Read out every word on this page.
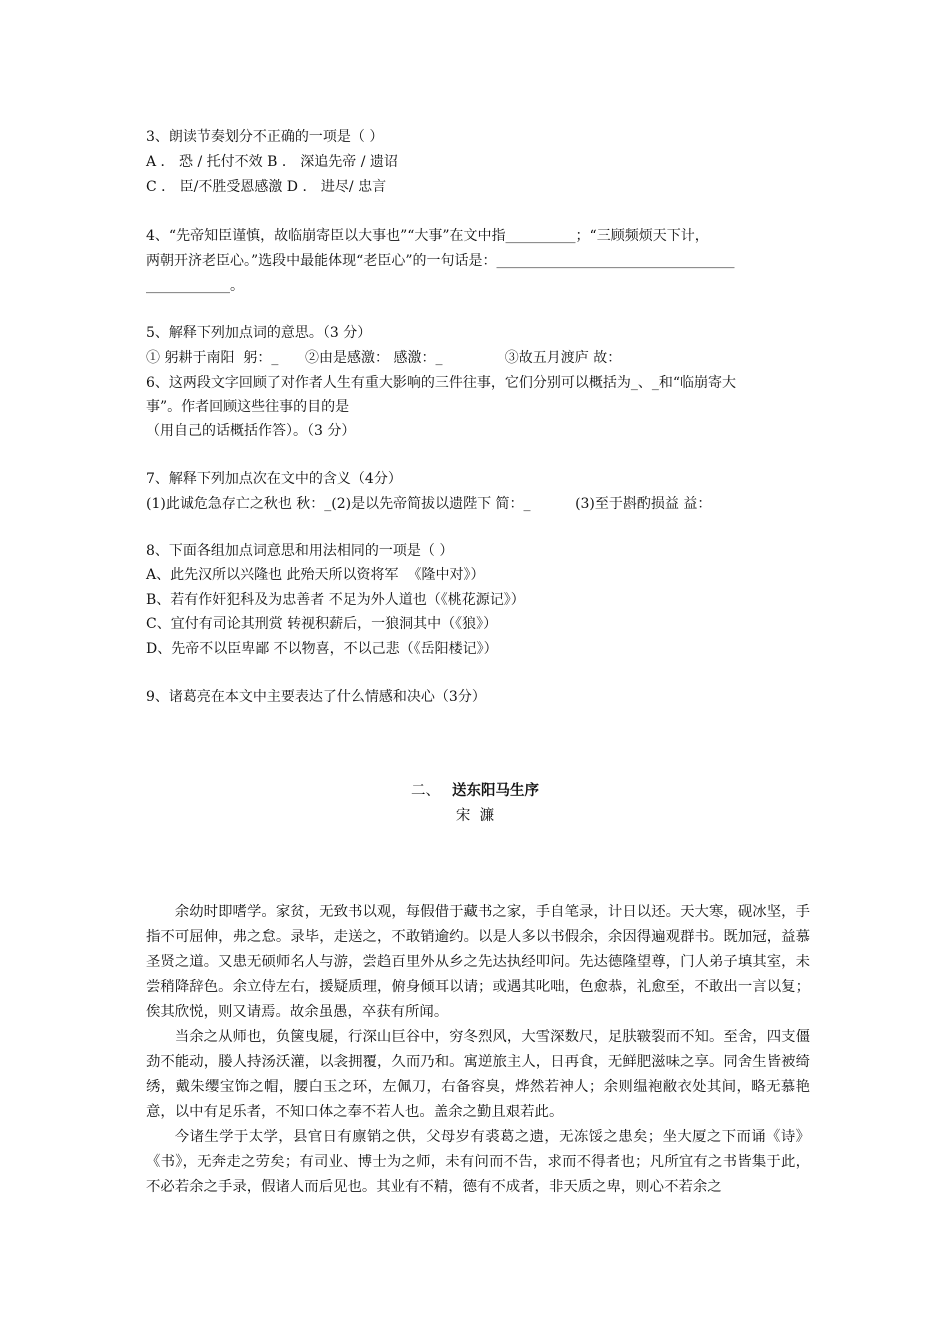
3、朗读节奏划分不正确的一项是（ ）
A ． 恐 / 托付不效 B ． 深追先帝 / 遗诏
C ． 臣/不胜受恩感激 D ． 进尽/ 忠言
4、“先帝知臣谨慎，故临崩寄臣以大事也”“大事”在文中指__________；“三顾频烦天下计，
两朝开济老臣心。”选段中最能体现“老臣心”的一句话是：__________________________________
____________。
5、解释下列加点词的意思。（3 分）
① 躬耕于南阳  躬：_      ②由是感激： 感激：_              ③故五月渡庐 故：
6、这两段文字回顾了对作者人生有重大影响的三件往事，它们分别可以概括为_、_和“临崩寄大
事”。作者回顾这些往事的目的是
（用自己的话概括作答）。（3 分）
7、解释下列加点次在文中的含义（4分）
(1)此诚危急存亡之秋也 秋：_(2)是以先帝简拔以遗陛下 简：_          (3)至于斟酌损益 益：
8、下面各组加点词意思和用法相同的一项是（ ）
A、此先汉所以兴隆也 此殆天所以资将军  《隆中对》）
B、若有作奸犯科及为忠善者 不足为外人道也（《桃花源记》）
C、宜付有司论其刑赏 转视积薪后，一狼洞其中（《狼》）
D、先帝不以臣卑鄙 不以物喜，不以己悲（《岳阳楼记》）
9、诸葛亮在本文中主要表达了什么情感和决心（3分）
二、 送东阳马生序
宋  濂

余幼时即嗜学。家贫，无致书以观，每假借于藏书之家，手自笔录，计日以还。天大寒，砚冰坚，手指不可屈伸，弗之怠。录毕，走送之，不敢销逾约。以是人多以书假余，余因得遍观群书。既加冠，益慕圣贤之道。又患无硕师名人与游，尝趋百里外从乡之先达执经叩问。先达德隆望尊，门人弟子填其室，未尝稍降辞色。余立侍左右，援疑质理，俯身倾耳以请；或遇其叱咄，色愈恭，礼愈至，不敢出一言以复；俟其欣悦，则又请焉。故余虽愚，卒获有所闻。

当余之从师也，负箧曳屣，行深山巨谷中，穷冬烈风，大雪深数尺，足肤皲裂而不知。至舍，四支僵劲不能动，媵人持汤沃灌，以衾拥覆，久而乃和。寓逆旅主人，日再食，无鲜肥滋味之享。同舍生皆被绮绣，戴朱缨宝饰之帽，腰白玉之环，左佩刀，右备容臭，烨然若神人；余则缊袍敝衣处其间，略无慕艳意，以中有足乐者，不知口体之奉不若人也。盖余之勤且艰若此。

今诸生学于太学，县官日有廪销之供，父母岁有裘葛之遗，无冻馁之患矣；坐大厦之下而诵《诗》《书》，无奔走之劳矣；有司业、博士为之师，未有问而不告，求而不得者也；凡所宜有之书皆集于此，不必若余之手录，假诸人而后见也。其业有不精，德有不成者，非天质之卑，则心不若余之
